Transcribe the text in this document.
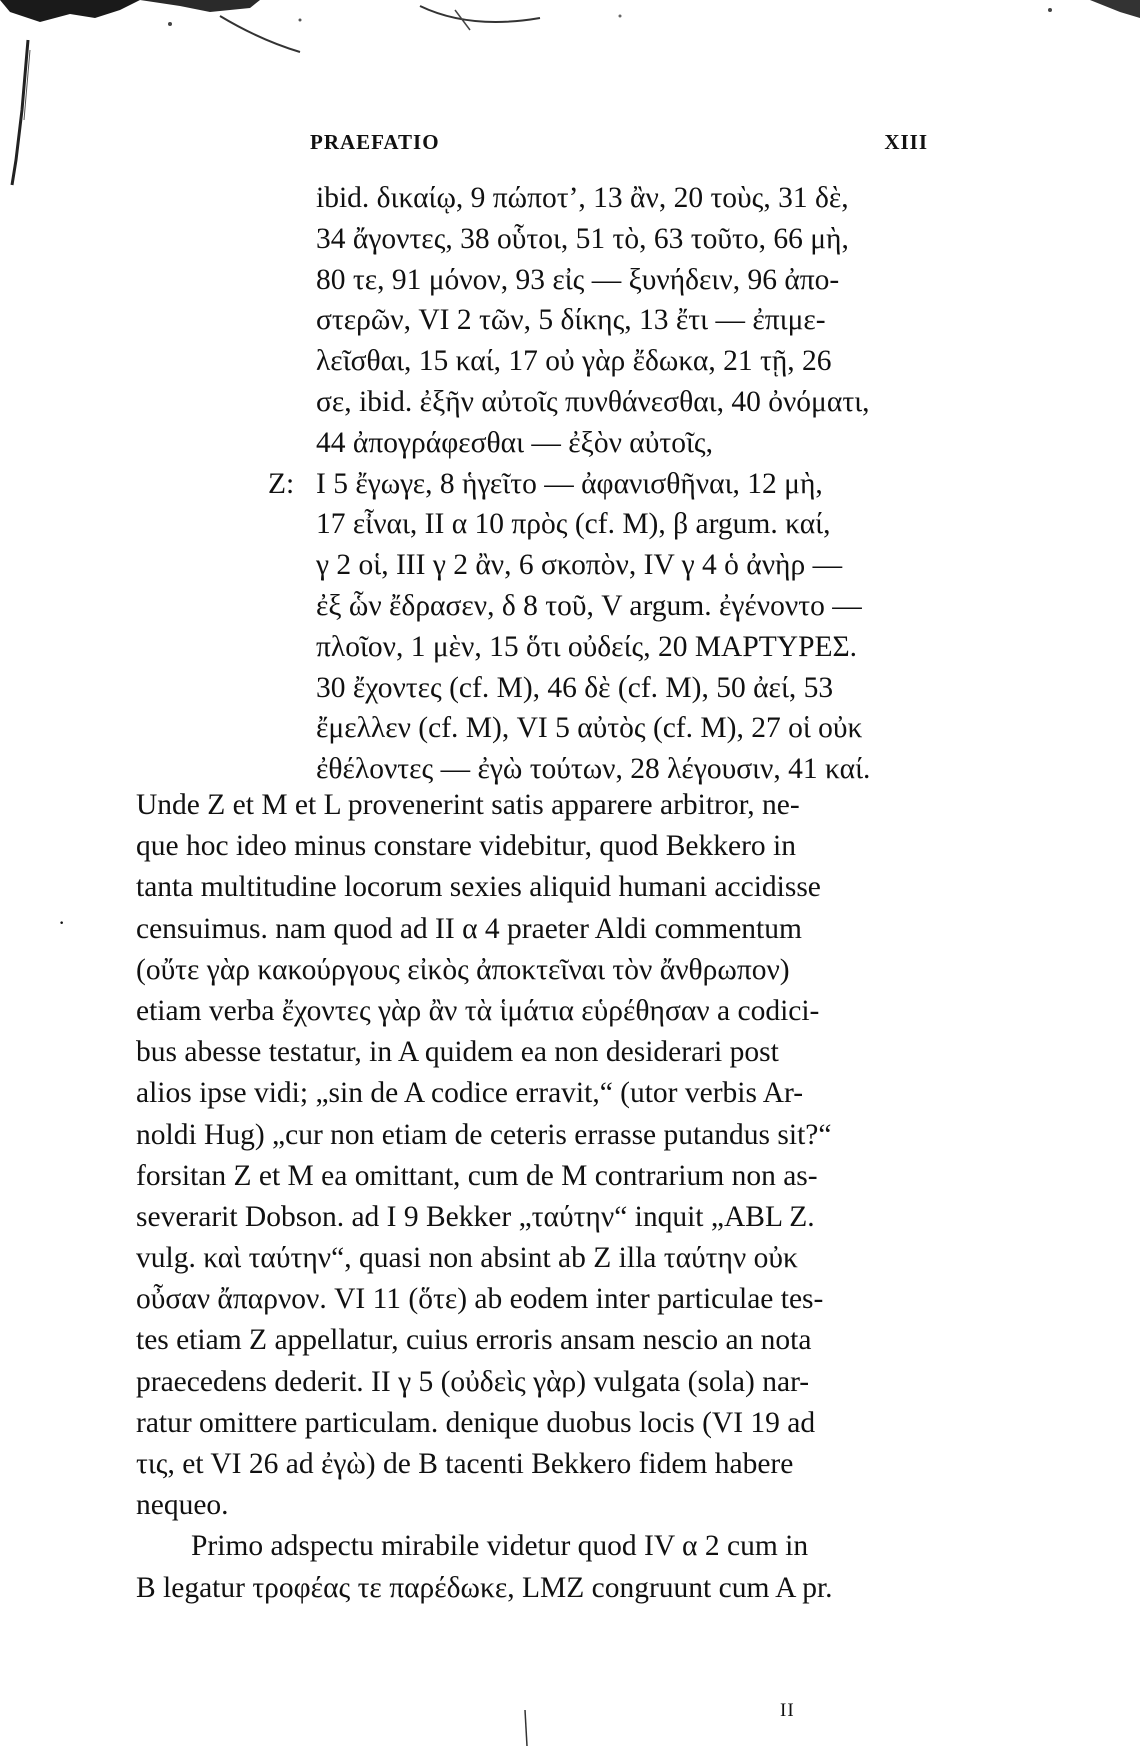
·
PRAEFATIO	XIII
ibid. δικαίῳ, 9 πώποτ’, 13 ἂν, 20 τοὺς, 31 δὲ,
34 ἄγοντες, 38 οὗτοι, 51 τὸ, 63 τοῦτο, 66 μὴ,
80 τε, 91 μόνον, 93 εἰς — ξυνήδειν, 96 ἀπο-
στερῶν, VI 2 τῶν, 5 δίκης, 13 ἔτι — ἐπιμε-
λεῖσθαι, 15 καί, 17 οὐ γὰρ ἔδωκα, 21 τῇ, 26
σε, ibid. ἐξῆν αὐτοῖς πυνθάνεσθαι, 40 ὀνόματι,
44 ἀπογράφεσθαι — ἐξὸν αὐτοῖς,
Z: I 5 ἔγωγε, 8 ἡγεῖτο — ἀφανισθῆναι, 12 μὴ,
17 εἶναι, II α 10 πρὸς (cf. M), β argum. καί,
γ 2 οἱ, III γ 2 ἂν, 6 σκοπὸν, IV γ 4 ὁ ἀνὴρ —
ἐξ ὧν ἔδρασεν, δ 8 τοῦ, V argum. ἐγένοντο —
πλοῖον, 1 μὲν, 15 ὅτι οὐδείς, 20 ΜΑΡΤΥΡΕΣ.
30 ἔχοντες (cf. M), 46 δὲ (cf. M), 50 ἀεί, 53
ἔμελλεν (cf. M), VI 5 αὐτὸς (cf. M), 27 οἱ οὐκ
ἐθέλοντες — ἐγὼ τούτων, 28 λέγουσιν, 41 καί.
Unde Z et M et L provenerint satis apparere arbitror, ne-
que hoc ideo minus constare videbitur, quod Bekkero in
tanta multitudine locorum sexies aliquid humani accidisse
censuimus. nam quod ad II α 4 praeter Aldi commentum
(οὔτε γὰρ κακούργους εἰκὸς ἀποκτεῖναι τὸν ἄνθρωπον)
etiam verba ἔχοντες γὰρ ἂν τὰ ἱμάτια εὑρέθησαν a codici-
bus abesse testatur, in A quidem ea non desiderari post
alios ipse vidi; „sin de A codice erravit,“ (utor verbis Ar-
noldi Hug) „cur non etiam de ceteris errasse putandus sit?“
forsitan Z et M ea omittant, cum de M contrarium non as-
severarit Dobson. ad I 9 Bekker „ταύτην“ inquit „ABL Z.
vulg. καὶ ταύτην“, quasi non absint ab Z illa ταύτην οὐκ
οὖσαν ἄπαρνον. VI 11 (ὅτε) ab eodem inter particulae tes-
tes etiam Z appellatur, cuius erroris ansam nescio an nota
praecedens dederit. II γ 5 (οὐδεὶς γὰρ) vulgata (sola) nar-
ratur omittere particulam. denique duobus locis (VI 19 ad
τις, et VI 26 ad ἐγὼ) de B tacenti Bekkero fidem habere
nequeo.
Primo adspectu mirabile videtur quod IV α 2 cum in
B legatur τροφέας τε παρέδωκε, LMZ congruunt cum A pr.
II
